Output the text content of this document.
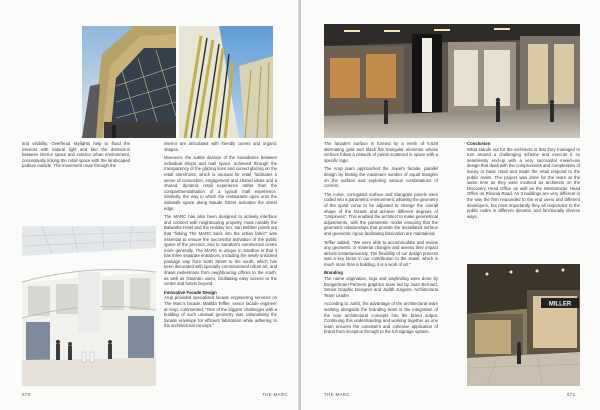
and visibility. Overhead skylights help to flood the interiors with natural light and blur the distinction between interior space and exterior urban environment, conceptually linking the retail space with the landscaped podium outside. The movement route through the

interior are articulated with friendly curves and organic shapes.

Moreover, the subtle division of the boundaries between individual shops and mall space, achieved through the transparency of the glazing lines and curved glazing on the retail storefronts, which is unusual for retail, facilitates a sense of connection, engagement and shared ideas and a shared, dynamic retail experience rather than the compartmentalisation of a typical mall experience. Similarly, the way in which the restaurants open onto the sidewalk space along Maude Street activates the street edge.

The MARC has also been designed to actively interface and connect with neighbouring property, most notably the Balwarka Hotel and the Holiday Inn. Van Bebber points out that "linking The MARC back into the urban fabric" was essential to ensure the successful activation of the public space of the precinct, and to Sandton's commercial centre more generally. The MARC is unique in Sandton in that it has three separate entrances, including the newly unlocked passage way from Sixth Street to the south, which has been decorated with specially commissioned urban art, and draws pedestrians from neighbouring offices to the south, as well as Gautrain users, facilitating easy access to the centre and hotels beyond.

Innovative Facade Design

Arup provided specialised facade engineering services on The Marc's facade. Matilda Teffler, senior facade engineer at Arup, commented, "One of the biggest challenges with a building of such unusual geometry was rationalising the facade envelope for efficient fabrication while adhering to the architectural concept."

570	THE MARC

The facade's surface is formed by a mesh of 5,628 alternating gold and black flat triangular elements whose vertices follow a network of points scattered in space with a specific logic.

The Arup team approached the Jewel's facade, parallel design by finding the maximum number of equal triangles on the surface and exploring various combinations of corners.

The curve, corrugated surface and triangular panels were coded into a parametric environment, allowing the geometry of the spiral curve to be adjusted to change the overall shape of the facade and achieve different degrees of "crispiness". This enabled the architect to make geometrical adjustments, with the parametric model ensuring that the geometric relationships that provide the tessellated surface and geometric rigour facilitating fabrication are maintained.

Teffler added, "We were able to accommodate and review any geometric or material changes and assess their impact almost instantaneously. The flexibility of our design process was a key factor in our contribution to the Jewel, which is much more than a building, it is a work of art."

Branding

The name origination, logo and wayfinding were done by Boogertman+Partners graphics team led by Juan Bernard, Senior Graphic Designer and Judith Jurgens, Architectural Team Leader.

According to Jurith, the advantage of the architectural team working alongside the branding team is the integration of the core architectural concepts into the brand output. Continuing this understanding and working together as one team ensures the consistent and cohesive application of brand from inception through to the full signage system.

Conclusion

What stands out for the architects is that they managed to turn around a challenging scheme and execute it so seamlessly end-up with a very successful mixed-use design that dealt with the compromises and complexities of luxury or basic retail and made the retail respond to the public realm. The project was done for the team at the same time as they were involved as architects on the Discovery Head Office as well as the Westminster Head Office on Rivonia Road. As 3 buildings are very different in the way the firm responded to the end users and different developers, but most importantly they all responded to the public realm in different dynamic and functionally diverse ways.

MILLER
THE MARC	571
